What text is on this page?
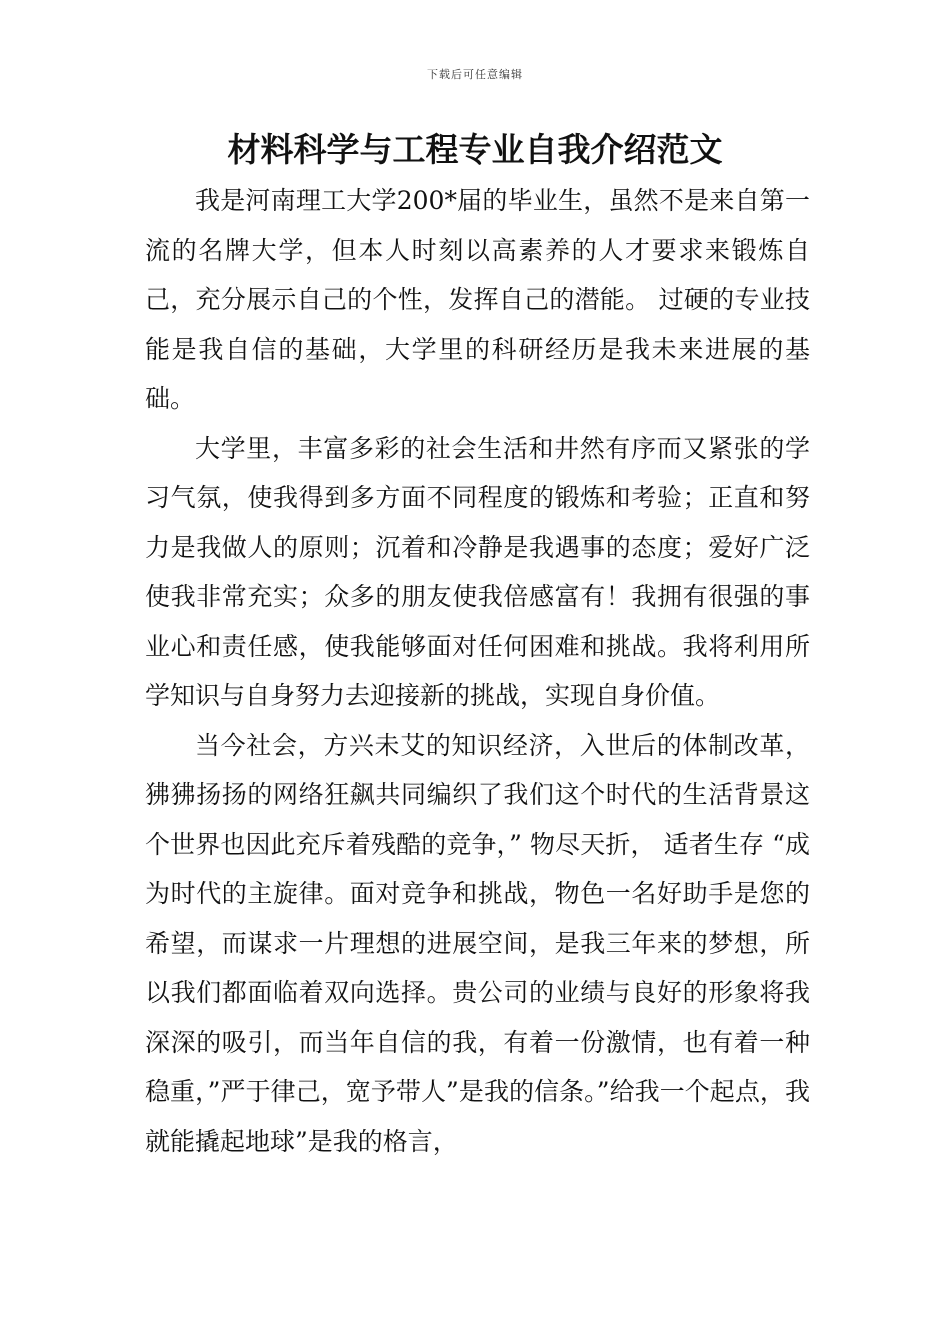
下载后可任意编辑
材料科学与工程专业自我介绍范文

我是河南理工大学200*届的毕业生，虽然不是来自第一流的名牌大学，但本人时刻以高素养的人才要求来锻炼自己，充分展示自己的个性，发挥自己的潜能。 过硬的专业技能是我自信的基础，大学里的科研经历是我未来进展的基础。

大学里，丰富多彩的社会生活和井然有序而又紧张的学习气氛，使我得到多方面不同程度的锻炼和考验；正直和努力是我做人的原则；沉着和冷静是我遇事的态度；爱好广泛使我非常充实；众多的朋友使我倍感富有！我拥有很强的事业心和责任感，使我能够面对任何困难和挑战。我将利用所学知识与自身努力去迎接新的挑战，实现自身价值。

当今社会，方兴未艾的知识经济，入世后的体制改革，狒狒扬扬的网络狂飙共同编织了我们这个时代的生活背景这个世界也因此充斥着残酷的竞争，” 物尽天折， 适者生存 “成为时代的主旋律。面对竞争和挑战，物色一名好助手是您的希望，而谋求一片理想的进展空间，是我三年来的梦想，所以我们都面临着双向选择。贵公司的业绩与良好的形象将我深深的吸引，而当年自信的我，有着一份激情，也有着一种稳重，”严于律己，宽予带人”是我的信条。”给我一个起点，我就能撬起地球”是我的格言，
